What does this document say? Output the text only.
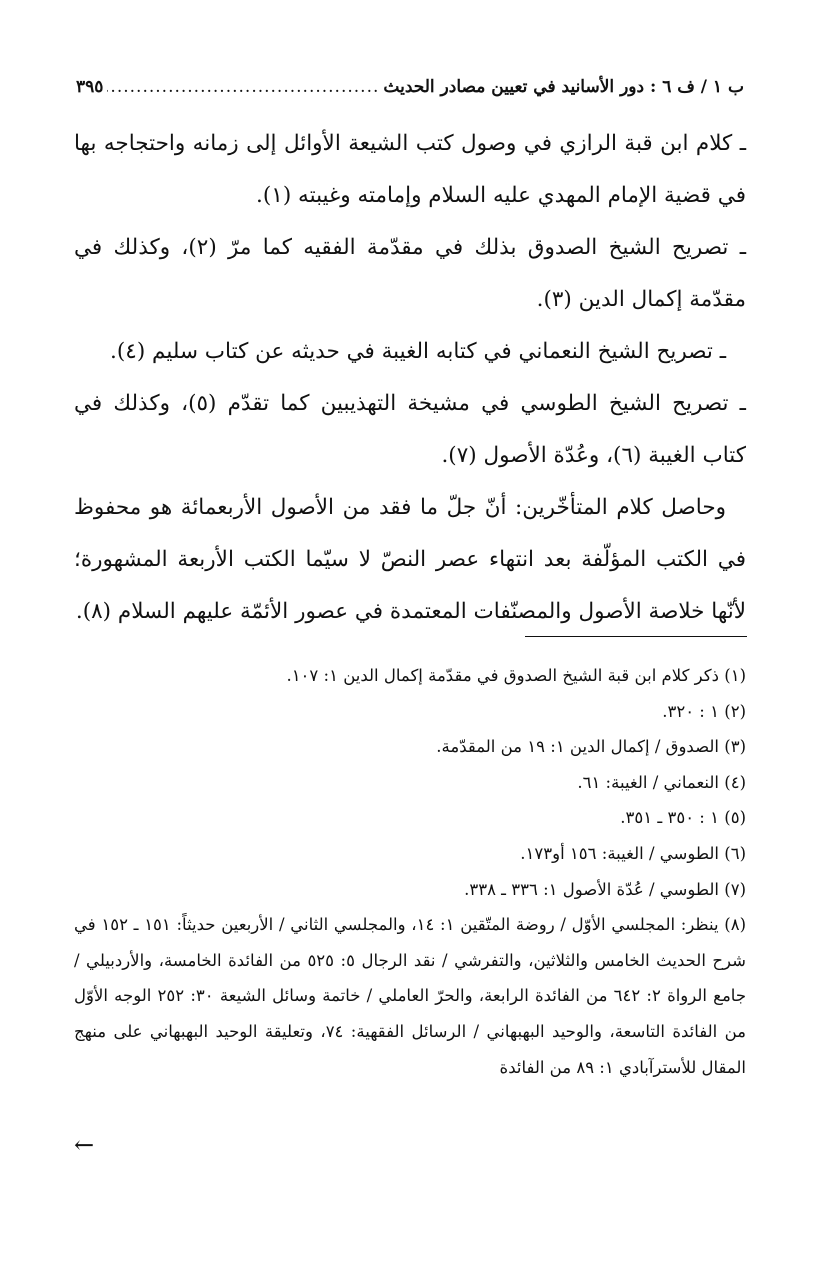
ب ١ / ف ٦ : دور الأسانيد في تعيين مصادر الحديث
.....
٣٩٥

ـ كلام ابن قبة الرازي في وصول كتب الشيعة الأوائل إلى زمانه واحتجاجه بها في قضية الإمام المهدي عليه السلام وإمامته وغيبته (١).

ـ تصريح الشيخ الصدوق بذلك في مقدّمة الفقيه كما مرّ (٢)، وكذلك في مقدّمة إكمال الدين (٣).

ـ تصريح الشيخ النعماني في كتابه الغيبة في حديثه عن كتاب سليم (٤).

ـ تصريح الشيخ الطوسي في مشيخة التهذيبين كما تقدّم (٥)، وكذلك في كتاب الغيبة (٦)، وعُدّة الأصول (٧).

وحاصل كلام المتأخّرين: أنّ جلّ ما فقد من الأصول الأربعمائة هو محفوظ في الكتب المؤلّفة بعد انتهاء عصر النصّ لا سيّما الكتب الأربعة المشهورة؛ لأنّها خلاصة الأصول والمصنّفات المعتمدة في عصور الأئمّة عليهم السلام (٨).

(١) ذكر كلام ابن قبة الشيخ الصدوق في مقدّمة إكمال الدين ١: ١٠٧.

(٢) ١ : ٣٢٠.

(٣) الصدوق / إكمال الدين ١: ١٩ من المقدّمة.

(٤) النعماني / الغيبة: ٦١.

(٥) ١ : ٣٥٠ ـ ٣٥١.

(٦) الطوسي / الغيبة: ١٥٦ أو١٧٣.

(٧) الطوسي / عُدّة الأصول ١: ٣٣٦ ـ ٣٣٨.

(٨) ينظر: المجلسي الأوّل / روضة المتّقين ١: ١٤، والمجلسي الثاني / الأربعين حديثاً: ١٥١ ـ ١٥٢ في شرح الحديث الخامس والثلاثين، والتفرشي / نقد الرجال ٥: ٥٢٥ من الفائدة الخامسة، والأردبيلي / جامع الرواة ٢: ٦٤٢ من الفائدة الرابعة، والحرّ العاملي / خاتمة وسائل الشيعة ٣٠: ٢٥٢ الوجه الأوّل من الفائدة التاسعة، والوحيد البهبهاني / الرسائل الفقهية: ٧٤، وتعليقة الوحيد البهبهاني على منهج المقال للأسترآبادي ١: ٨٩ من الفائدة

←
